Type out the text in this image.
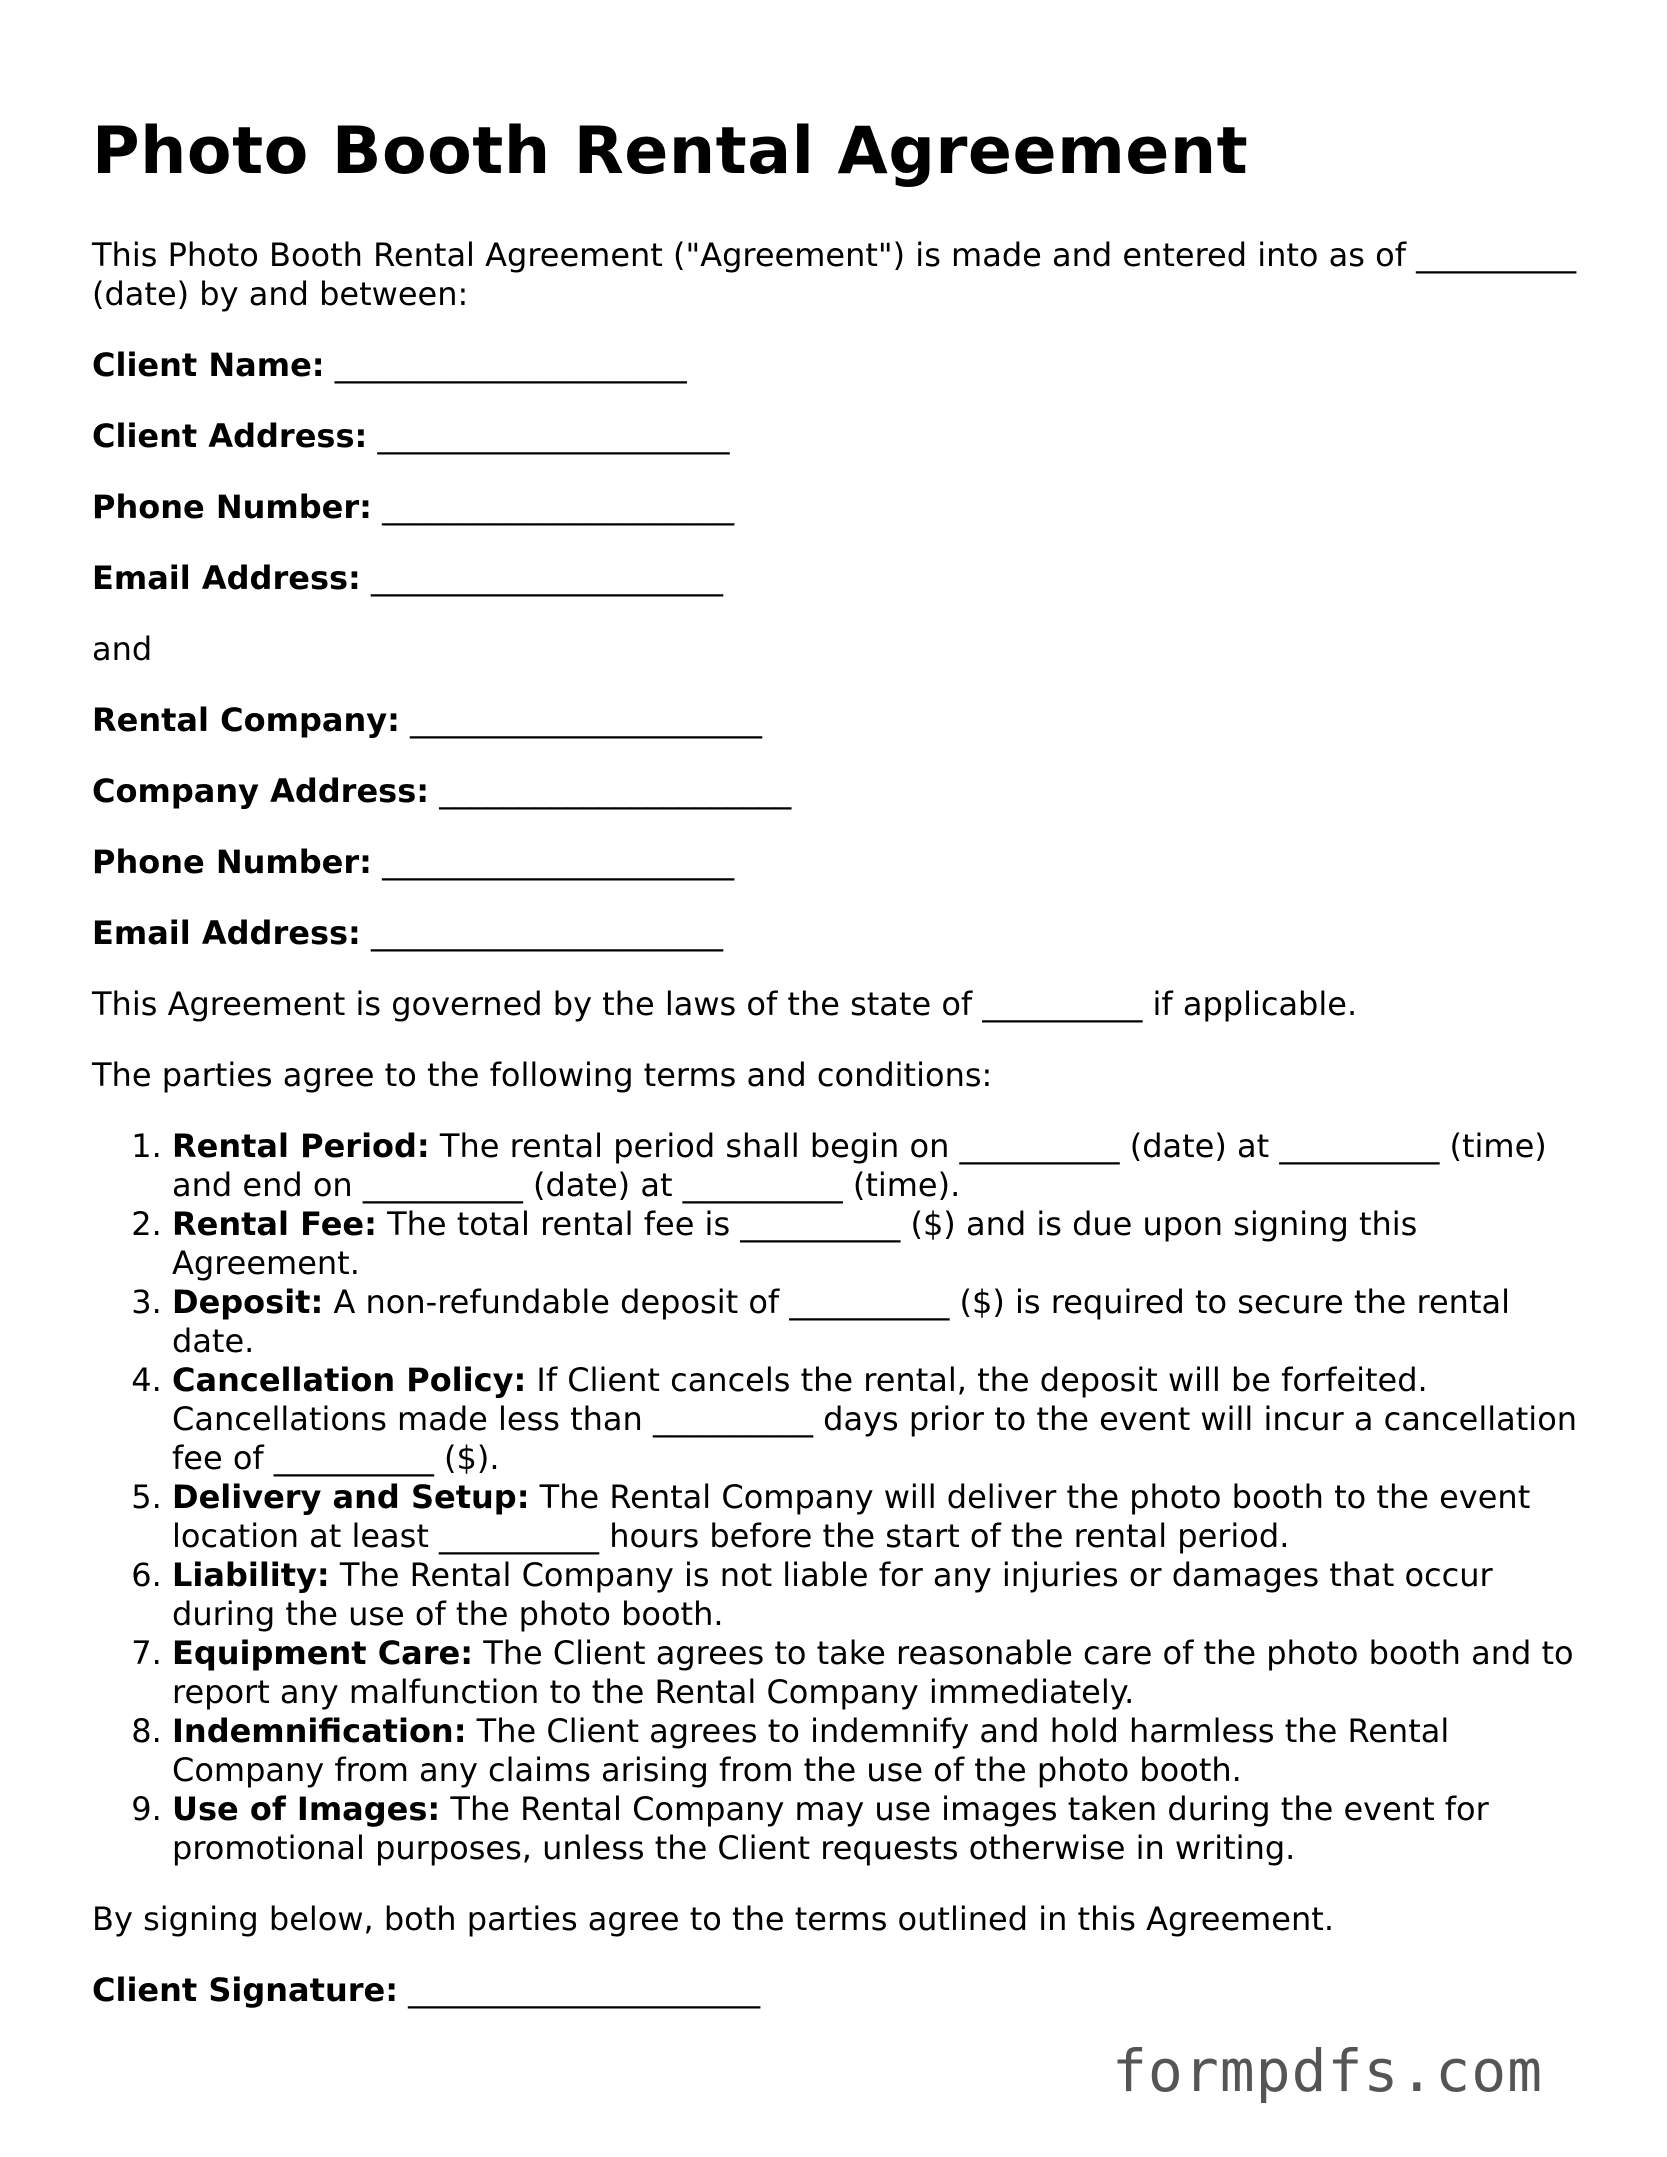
Photo Booth Rental Agreement

This Photo Booth Rental Agreement ("Agreement") is made and entered into as of __________ (date) by and between:

Client Name: ______________________

Client Address: ______________________

Phone Number: ______________________

Email Address: ______________________

and

Rental Company: ______________________

Company Address: ______________________

Phone Number: ______________________

Email Address: ______________________

This Agreement is governed by the laws of the state of __________ if applicable.

The parties agree to the following terms and conditions:

1. Rental Period: The rental period shall begin on __________ (date) at __________ (time) and end on __________ (date) at __________ (time).
2. Rental Fee: The total rental fee is __________ ($) and is due upon signing this Agreement.
3. Deposit: A non-refundable deposit of __________ ($) is required to secure the rental date.
4. Cancellation Policy: If Client cancels the rental, the deposit will be forfeited. Cancellations made less than __________ days prior to the event will incur a cancellation fee of __________ ($).
5. Delivery and Setup: The Rental Company will deliver the photo booth to the event location at least __________ hours before the start of the rental period.
6. Liability: The Rental Company is not liable for any injuries or damages that occur during the use of the photo booth.
7. Equipment Care: The Client agrees to take reasonable care of the photo booth and to report any malfunction to the Rental Company immediately.
8. Indemnification: The Client agrees to indemnify and hold harmless the Rental Company from any claims arising from the use of the photo booth.
9. Use of Images: The Rental Company may use images taken during the event for promotional purposes, unless the Client requests otherwise in writing.

By signing below, both parties agree to the terms outlined in this Agreement.

Client Signature: ______________________

formpdfs.com
